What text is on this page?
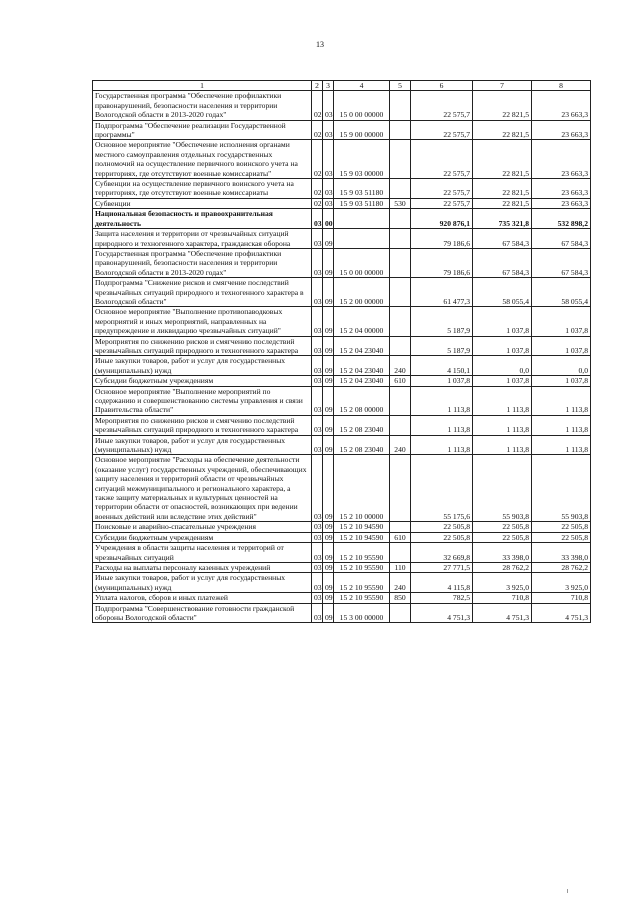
13
1	2	3	4	5	6	7	8
Государственная программа "Обеспечение профилактики правонарушений, безопасности населения и территории Вологодской области в 2013-2020 годах"	02	03	15 0 00 00000		22 575,7	22 821,5	23 663,3
Подпрограмма "Обеспечение реализации Государственной программы"	02	03	15 9 00 00000		22 575,7	22 821,5	23 663,3
Основное мероприятие "Обеспечение исполнения органами местного самоуправления отдельных государственных полномочий на осуществление первичного воинского учета на территориях, где отсутствуют военные комиссариаты"	02	03	15 9 03 00000		22 575,7	22 821,5	23 663,3
Субвенции на осуществление первичного воинского учета на территориях, где отсутствуют военные комиссариаты	02	03	15 9 03 51180		22 575,7	22 821,5	23 663,3
Субвенции	02	03	15 9 03 51180	530	22 575,7	22 821,5	23 663,3
Национальная безопасность и правоохранительная деятельность	03	00			920 876,1	735 321,8	532 898,2
Защита населения и территории от чрезвычайных ситуаций природного и техногенного характера, гражданская оборона	03	09			79 186,6	67 584,3	67 584,3
Государственная программа "Обеспечение профилактики правонарушений, безопасности населения и территории Вологодской области в 2013-2020 годах"	03	09	15 0 00 00000		79 186,6	67 584,3	67 584,3
Подпрограмма "Снижение рисков и смягчение последствий чрезвычайных ситуаций природного и техногенного характера в Вологодской области"	03	09	15 2 00 00000		61 477,3	58 055,4	58 055,4
Основное мероприятие "Выполнение противопаводковых мероприятий и иных мероприятий, направленных на предупреждение и ликвидацию чрезвычайных ситуаций"	03	09	15 2 04 00000		5 187,9	1 037,8	1 037,8
Мероприятия по снижению рисков и смягчению последствий чрезвычайных ситуаций природного и техногенного характера	03	09	15 2 04 23040		5 187,9	1 037,8	1 037,8
Иные закупки товаров, работ и услуг для государственных (муниципальных) нужд	03	09	15 2 04 23040	240	4 150,1	0,0	0,0
Субсидии бюджетным учреждениям	03	09	15 2 04 23040	610	1 037,8	1 037,8	1 037,8
Основное мероприятие "Выполнение мероприятий по содержанию и совершенствованию системы управления и связи Правительства области"	03	09	15 2 08 00000		1 113,8	1 113,8	1 113,8
Мероприятия по снижению рисков и смягчению последствий чрезвычайных ситуаций природного и техногенного характера	03	09	15 2 08 23040		1 113,8	1 113,8	1 113,8
Иные закупки товаров, работ и услуг для государственных (муниципальных) нужд	03	09	15 2 08 23040	240	1 113,8	1 113,8	1 113,8
Основное мероприятие "Расходы на обеспечение деятельности (оказание услуг) государственных учреждений, обеспечивающих защиту населения и территорий области от чрезвычайных ситуаций межмуниципального и регионального характера, а также защиту материальных и культурных ценностей на территории области от опасностей, возникающих при ведении военных действий или вследствие этих действий"	03	09	15 2 10 00000		55 175,6	55 903,8	55 903,8
Поисковые и аварийно-спасательные учреждения	03	09	15 2 10 94590		22 505,8	22 505,8	22 505,8
Субсидии бюджетным учреждениям	03	09	15 2 10 94590	610	22 505,8	22 505,8	22 505,8
Учреждения в области защиты населения и территорий от чрезвычайных ситуаций	03	09	15 2 10 95590		32 669,8	33 398,0	33 398,0
Расходы на выплаты персоналу казенных учреждений	03	09	15 2 10 95590	110	27 771,5	28 762,2	28 762,2
Иные закупки товаров, работ и услуг для государственных (муниципальных) нужд	03	09	15 2 10 95590	240	4 115,8	3 925,0	3 925,0
Уплата налогов, сборов и иных платежей	03	09	15 2 10 95590	850	782,5	710,8	710,8
Подпрограмма "Совершенствование готовности гражданской обороны Вологодской области"	03	09	15 3 00 00000		4 751,3	4 751,3	4 751,3
